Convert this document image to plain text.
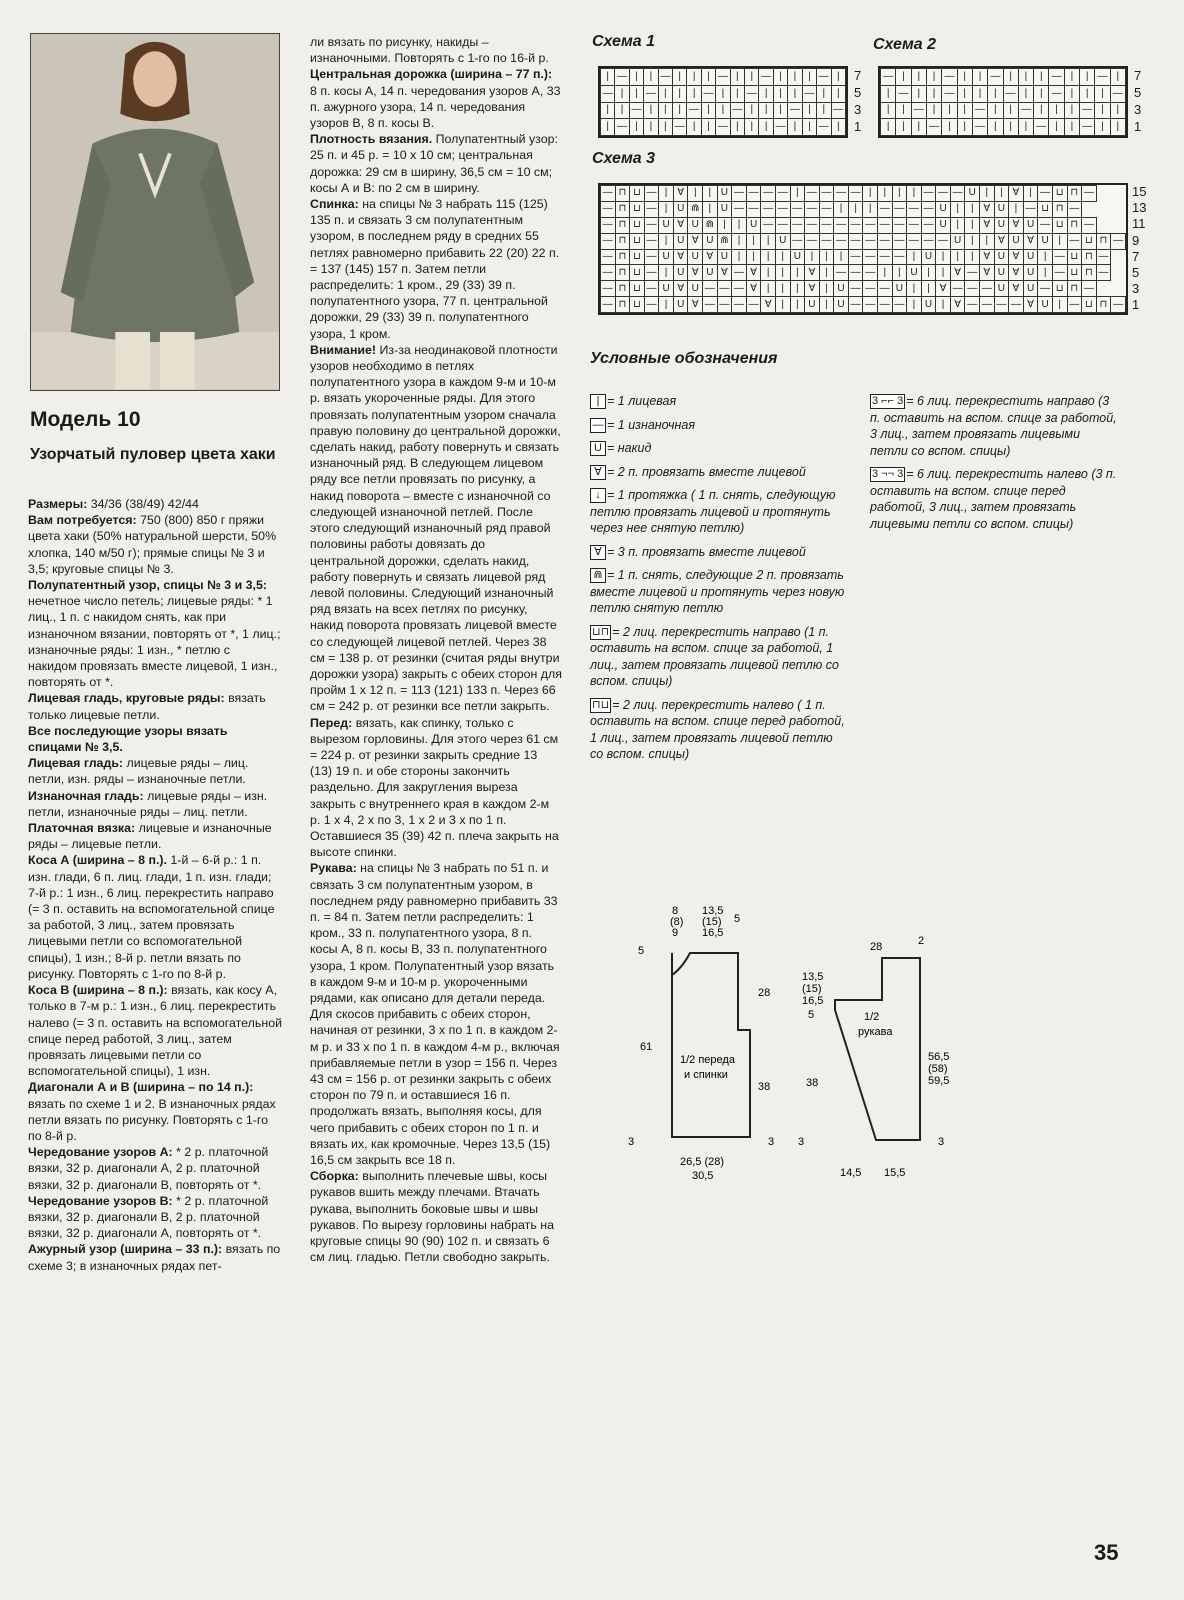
Модель 10
Узорчатый пуловер цвета хаки

Размеры: 34/36 (38/49) 42/44

Вам потребуется: 750 (800) 850 г пряжи цвета хаки (50% натуральной шерсти, 50% хлопка, 140 м/50 г); прямые спицы № 3 и 3,5; круговые спицы № 3.

Полупатентный узор, спицы № 3 и 3,5: нечетное число петель; лицевые ряды: * 1 лиц., 1 п. с накидом снять, как при изнаночном вязании, повторять от *, 1 лиц.; изнаночные ряды: 1 изн., * петлю с накидом провязать вместе лицевой, 1 изн., повторять от *.

Лицевая гладь, круговые ряды: вязать только лицевые петли.

Все последующие узоры вязать спицами № 3,5.

Лицевая гладь: лицевые ряды – лиц. петли, изн. ряды – изнаночные петли.

Изнаночная гладь: лицевые ряды – изн. петли, изнаночные ряды – лиц. петли.

Платочная вязка: лицевые и изнаночные ряды – лицевые петли.

Коса А (ширина – 8 п.). 1-й – 6-й р.: 1 п. изн. глади, 6 п. лиц. глади, 1 п. изн. глади; 7-й р.: 1 изн., 6 лиц. перекрестить направо (= 3 п. оставить на вспомогательной спице за работой, 3 лиц., затем провязать лицевыми петли со вспомогательной спицы), 1 изн.; 8-й р. петли вязать по рисунку. Повторять с 1-го по 8-й р.

Коса В (ширина – 8 п.): вязать, как косу А, только в 7-м р.: 1 изн., 6 лиц. перекрестить налево (= 3 п. оставить на вспомогательной спице перед работой, 3 лиц., затем провязать лицевыми петли со вспомогательной спицы), 1 изн.

Диагонали А и В (ширина – по 14 п.): вязать по схеме 1 и 2. В изнаночных рядах петли вязать по рисунку. Повторять с 1-го по 8-й р.

Чередование узоров А: * 2 р. платочной вязки, 32 р. диагонали А, 2 р. платочной вязки, 32 р. диагонали В, повторять от *.

Чередование узоров В: * 2 р. платочной вязки, 32 р. диагонали В, 2 р. платочной вязки, 32 р. диагонали А, повторять от *.

Ажурный узор (ширина – 33 п.): вязать по схеме 3; в изнаночных рядах пет-

ли вязать по рисунку, накиды – изнаночными. Повторять с 1-го по 16-й р.

Центральная дорожка (ширина – 77 п.): 8 п. косы А, 14 п. чередования узоров А, 33 п. ажурного узора, 14 п. чередования узоров В, 8 п. косы В.

Плотность вязания. Полупатентный узор: 25 п. и 45 р. = 10 х 10 см; центральная дорожка: 29 см в ширину, 36,5 см = 10 см; косы А и В: по 2 см в ширину.

Спинка: на спицы № 3 набрать 115 (125) 135 п. и связать 3 см полупатентным узором, в последнем ряду в средних 55 петлях равномерно прибавить 22 (20) 22 п. = 137 (145) 157 п. Затем петли распределить: 1 кром., 29 (33) 39 п. полупатентного узора, 77 п. центральной дорожки, 29 (33) 39 п. полупатентного узора, 1 кром.

Внимание! Из-за неодинаковой плотности узоров необходимо в петлях полупатентного узора в каждом 9-м и 10-м р. вязать укороченные ряды. Для этого провязать полупатентным узором сначала правую половину до центральной дорожки, сделать накид, работу повернуть и связать изнаночный ряд. В следующем лицевом ряду все петли провязать по рисунку, а накид поворота – вместе с изнаночной со следующей изнаночной петлей. После этого следующий изнаночный ряд правой половины работы довязать до центральной дорожки, сделать накид, работу повернуть и связать лицевой ряд левой половины. Следующий изнаночный ряд вязать на всех петлях по рисунку, накид поворота провязать лицевой вместе со следующей лицевой петлей. Через 38 см = 138 р. от резинки (считая ряды внутри дорожки узора) закрыть с обеих сторон для пройм 1 х 12 п. = 113 (121) 133 п. Через 66 см = 242 р. от резинки все петли закрыть.

Перед: вязать, как спинку, только с вырезом горловины. Для этого через 61 см = 224 р. от резинки закрыть средние 13 (13) 19 п. и обе стороны закончить раздельно. Для закругления выреза закрыть с внутреннего края в каждом 2-м р. 1 х 4, 2 х по 3, 1 х 2 и 3 х по 1 п. Оставшиеся 35 (39) 42 п. плеча закрыть на высоте спинки.

Рукава: на спицы № 3 набрать по 51 п. и связать 3 см полупатентным узором, в последнем ряду равномерно прибавить 33 п. = 84 п. Затем петли распределить: 1 кром., 33 п. полупатентного узора, 8 п. косы А, 8 п. косы В, 33 п. полупатентного узора, 1 кром. Полупатентный узор вязать в каждом 9-м и 10-м р. укороченными рядами, как описано для детали переда. Для скосов прибавить с обеих сторон, начиная от резинки, 3 х по 1 п. в каждом 2-м р. и 33 х по 1 п. в каждом 4-м р., включая прибавляемые петли в узор = 156 п. Через 43 см = 156 р. от резинки закрыть с обеих сторон по 79 п. и оставшиеся 16 п. продолжать вязать, выполняя косы, для чего прибавить с обеих сторон по 1 п. и вязать их, как кромочные. Через 13,5 (15) 16,5 см закрыть все 18 п.

Сборка: выполнить плечевые швы, косы рукавов вшить между плечами. Втачать рукава, выполнить боковые швы и швы рукавов. По вырезу горловины набрать на круговые спицы 90 (90) 102 п. и связать 6 см лиц. гладью. Петли свободно закрыть.

Схема 1
|	—	|	|	—	|	|	|	—	|	|	—	|	|	|	—	|
—	|	|	—	|	|	|	—	|	|	—	|	|	|	—	|	|
|	|	—	|	|	|	—	|	|	—	|	|	|	—	|	|	—
|	—	|	|	|	—	|	|	—	|	|	|	—	|	|	—	|
7
5
3
1
Схема 2
—	|	|	|	—	|	|	—	|	|	|	—	|	|	—	|
|	—	|	|	—	|	|	|	—	|	|	—	|	|	|	—
|	|	—	|	|	|	—	|	|	—	|	|	|	—	|	|
|	|	|	—	|	|	—	|	|	|	—	|	|	—	|	|
7
5
3
1
Схема 3
—	⊓	⊔	—	|	∀	|	|	U	—	—	—	—	|	—	—	—	—	|	|	|	|	—	—	—	U	|	|	∀	|	—	⊔	⊓	—		
—	⊓	⊔	—	|	U	⋒	|	U	—	—	—	—	—	—	—	|	|	|	—	—	—	—	U	|	|	∀	U	|	—	⊔	⊓	—			
—	⊓	⊔	—	U	∀	U	⋒	|	|	U	—	—	—	—	—	—	—	—	—	—	—	—	U	|	|	∀	U	∀	U	—	⊔	⊓	—		
—	⊓	⊔	—	|	U	∀	U	⋒	|	|	|	U	—	—	—	—	—	—	—	—	—	—	—	U	|	|	∀	U	∀	U	|	—	⊔	⊓	—
—	⊓	⊔	—	U	∀	U	∀	U	|	|	|	|	U	|	|	|	—	—	—	—	|	U	|	|	|	∀	U	∀	U	|	—	⊔	⊓	—	
—	⊓	⊔	—	|	U	∀	U	∀	—	∀	|	|	|	∀	|	—	—	—	|	|	U	|	|	∀	—	∀	U	∀	U	|	—	⊔	⊓	—	
—	⊓	⊔	—	U	∀	U	—	—	—	∀	|	|	|	∀	|	U	—	—	—	U	|	|	∀	—	—	—	U	∀	U	—	⊔	⊓	—		
—	⊓	⊔	—	|	U	∀	—	—	—	—	∀	|	|	U	|	U	—	—	—	—	|	U	|	∀	—	—	—	—	∀	U	|	—	⊔	⊓	—
15
13
11
9
7
5
3
1
Условные обозначения
| = 1 лицевая
— = 1 изнаночная
U = накид
∀ = 2 п. провязать вместе лицевой
↓ = 1 протяжка ( 1 п. снять, следующую петлю провязать лицевой и протянуть через нее снятую петлю)
∀ = 3 п. провязать вместе лицевой
⋒ = 1 п. снять, следующие 2 п. провязать вместе лицевой и протянуть через новую петлю снятую петлю
⊔⊓ = 2 лиц. перекрестить направо (1 п. оставить на вспом. спице за работой, 1 лиц., затем провязать лицевой петлю со вспом. спицы)
⊓⊔ = 2 лиц. перекрестить налево ( 1 п. оставить на вспом. спице перед работой, 1 лиц., затем провязать лицевой петлю со вспом. спицы)
3 ⌐⌐ 3 = 6 лиц. перекрестить направо (3 п. оставить на вспом. спице за работой, 3 лиц., затем провязать лицевыми петли со вспом. спицы)
3 ¬¬ 3 = 6 лиц. перекрестить налево (3 п. оставить на вспом. спице перед работой, 3 лиц., затем провязать лицевыми петли со вспом. спицы)
1/2 переда
и спинки
8
(8)
9
13,5
(15)
16,5
5
5
28
61
38
3	3
26,5 (28)
30,5
1/2
рукава
28	2
13,5
(15)
16,5
5
38
56,5
(58)
59,5
3	3
14,5 15,5
35
